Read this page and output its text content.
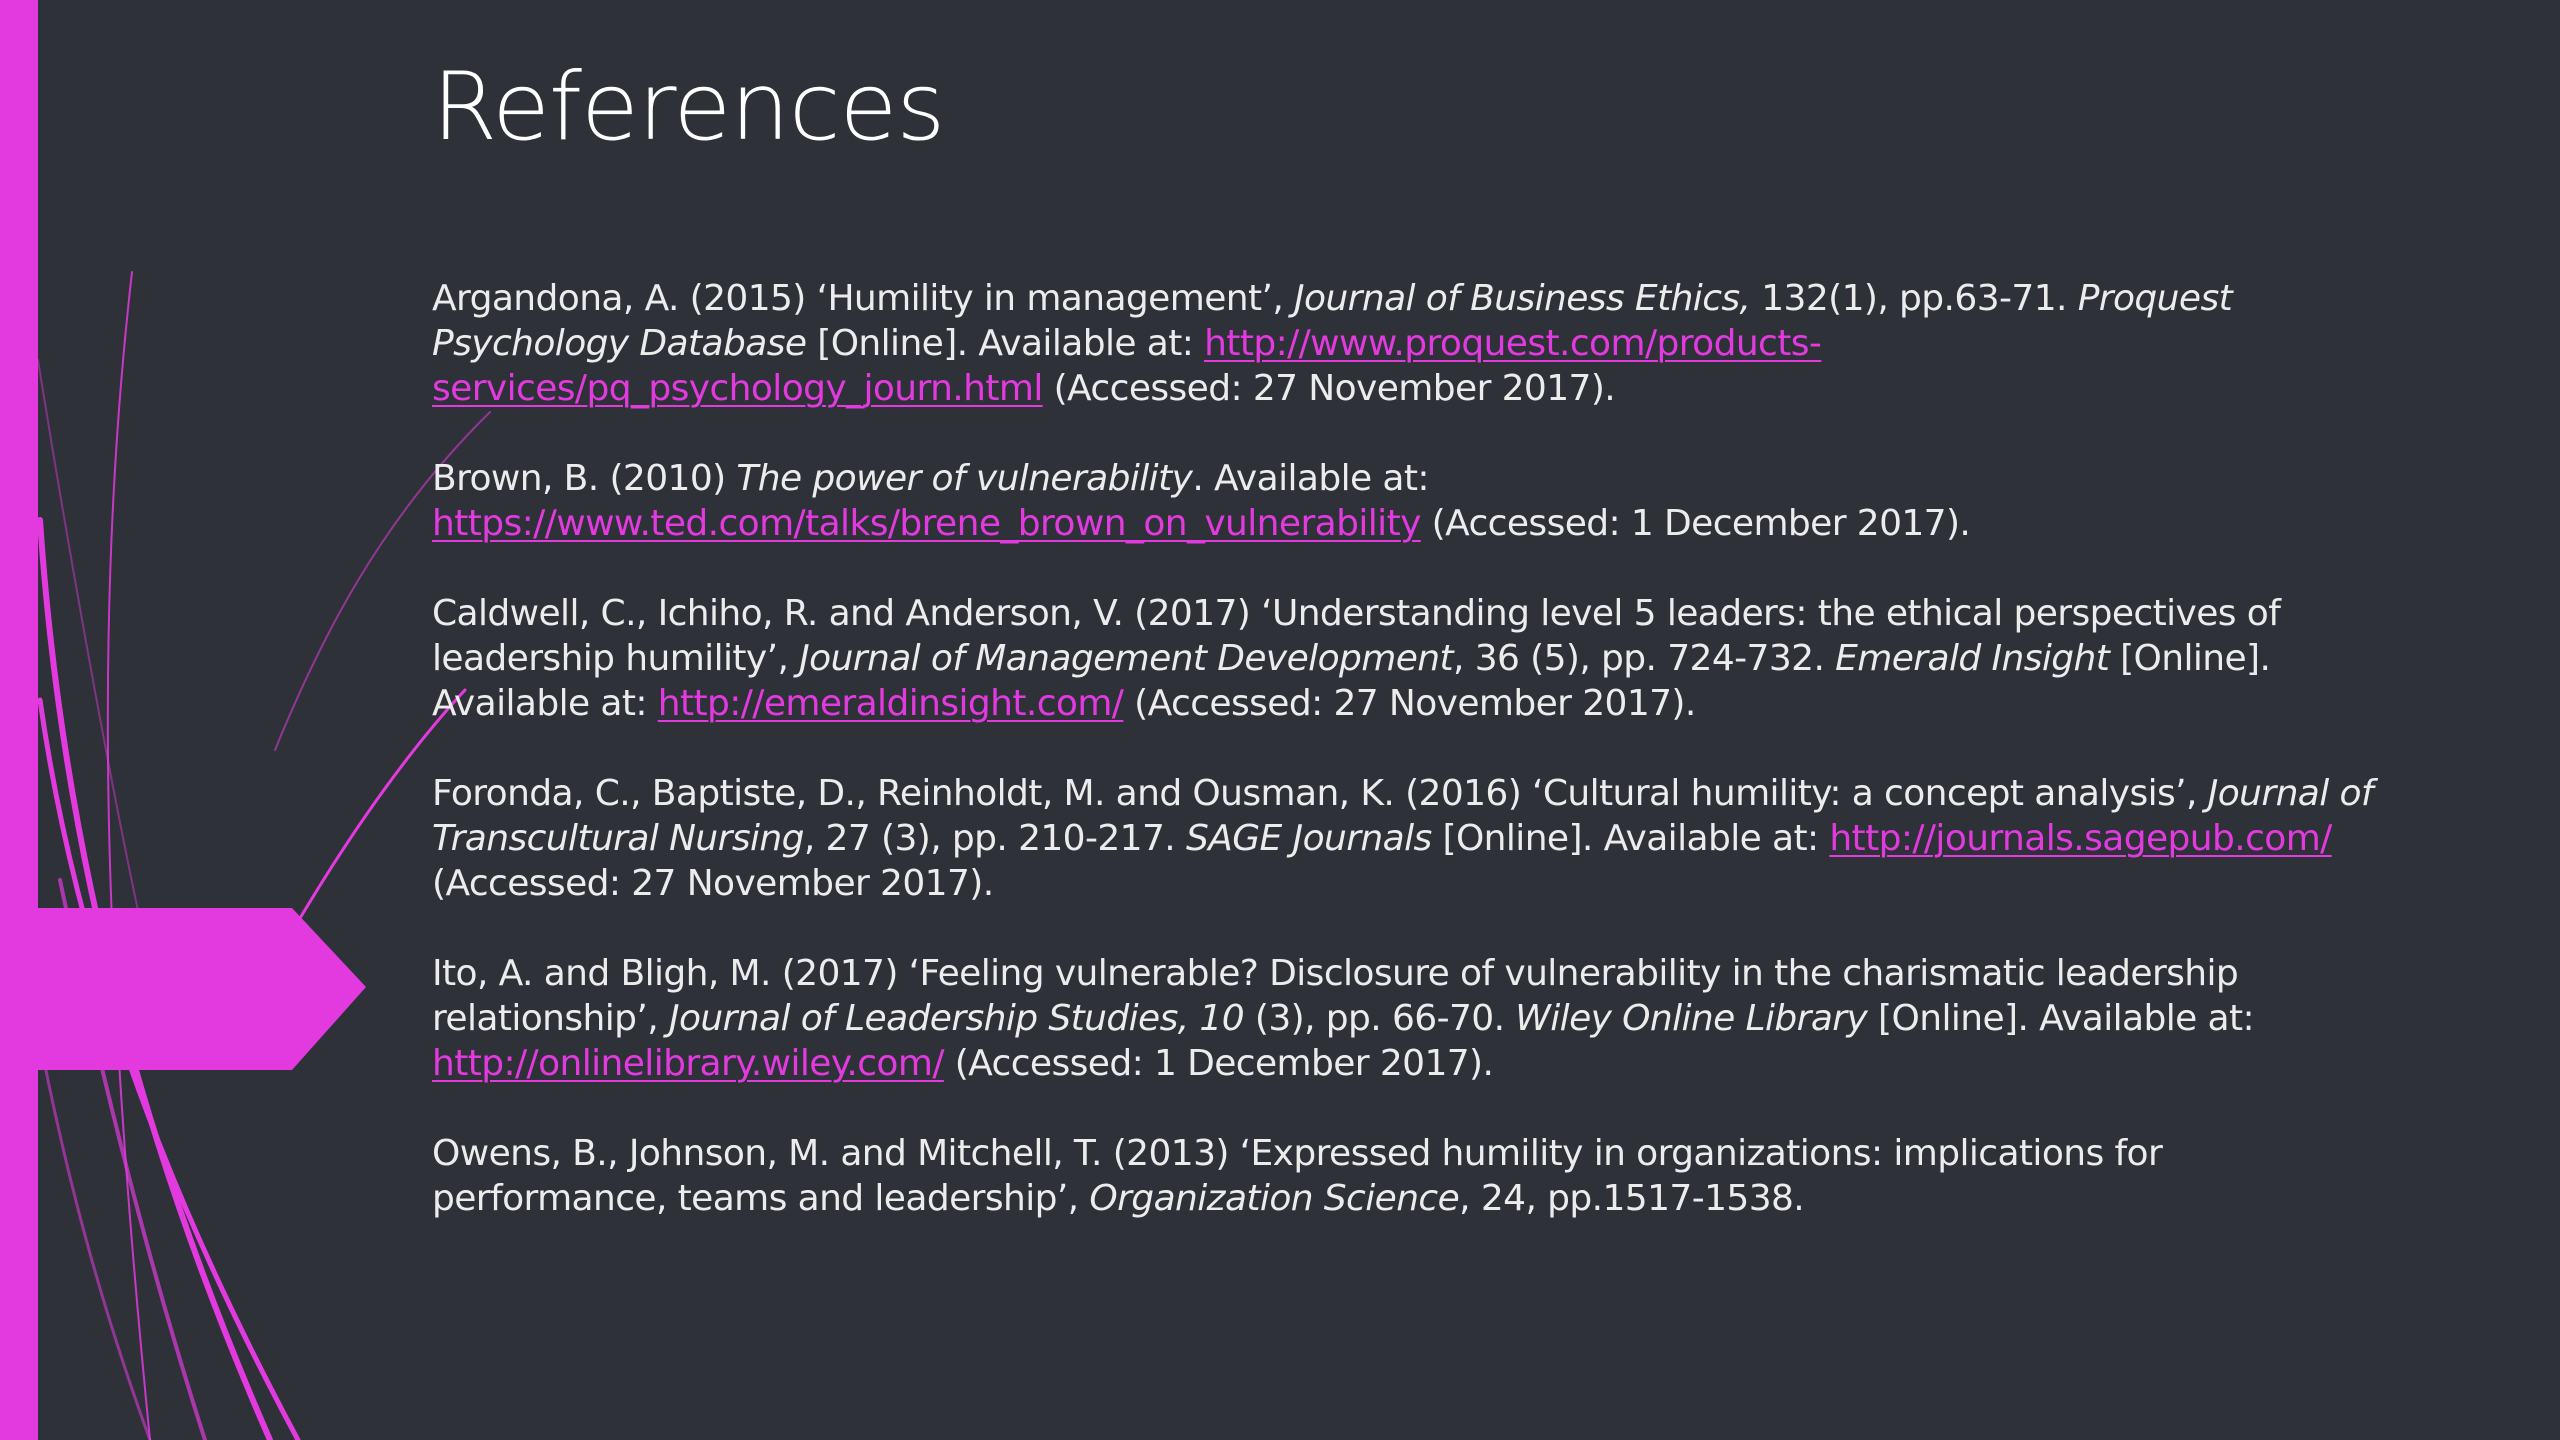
References

Argandona, A. (2015) ‘Humility in management’, Journal of Business Ethics, 132(1), pp.63-71. Proquest Psychology Database [Online]. Available at: http://www.proquest.com/products-services/pq_psychology_journ.html (Accessed: 27 November 2017).

Brown, B. (2010) The power of vulnerability. Available at: https://www.ted.com/talks/brene_brown_on_vulnerability (Accessed: 1 December 2017).

Caldwell, C., Ichiho, R. and Anderson, V. (2017) ‘Understanding level 5 leaders: the ethical perspectives of leadership humility’, Journal of Management Development, 36 (5), pp. 724-732. Emerald Insight [Online]. Available at: http://emeraldinsight.com/ (Accessed: 27 November 2017).

Foronda, C., Baptiste, D., Reinholdt, M. and Ousman, K. (2016) ‘Cultural humility: a concept analysis’, Journal of Transcultural Nursing, 27 (3), pp. 210-217. SAGE Journals [Online]. Available at: http://journals.sagepub.com/ (Accessed: 27 November 2017).

Ito, A. and Bligh, M. (2017) ‘Feeling vulnerable? Disclosure of vulnerability in the charismatic leadership relationship’, Journal of Leadership Studies, 10 (3), pp. 66-70. Wiley Online Library [Online]. Available at: http://onlinelibrary.wiley.com/ (Accessed: 1 December 2017).

Owens, B., Johnson, M. and Mitchell, T. (2013) ‘Expressed humility in organizations: implications for performance, teams and leadership’, Organization Science, 24, pp.1517-1538.
